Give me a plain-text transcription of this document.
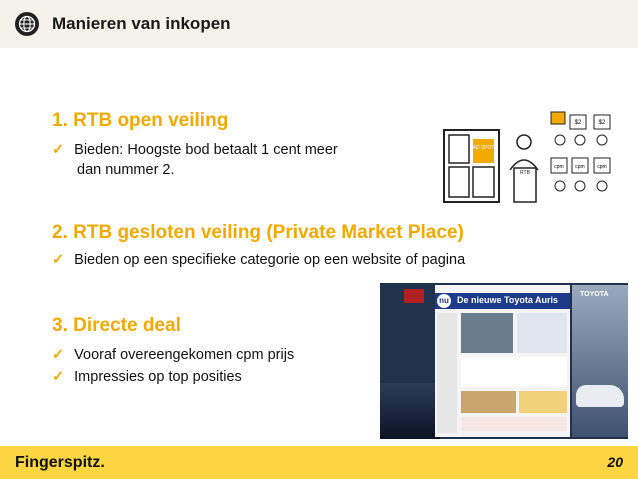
Manieren van inkopen
1. RTB open veiling
✓ Bieden: Hoogste bod betaalt 1 cent meer
dan nummer 2.
AD SPOT
RTB
$2	$2
cpm cpm	cpm
2. RTB gesloten veiling (Private Market Place)
✓ Bieden op een specifieke categorie op een website of pagina
3. Directe deal
✓ Vooraf overeengekomen cpm prijs
✓ Impressies op top posities
nu De nieuwe Toyota Auris
TOYOTA
Fingerspitz.	20
